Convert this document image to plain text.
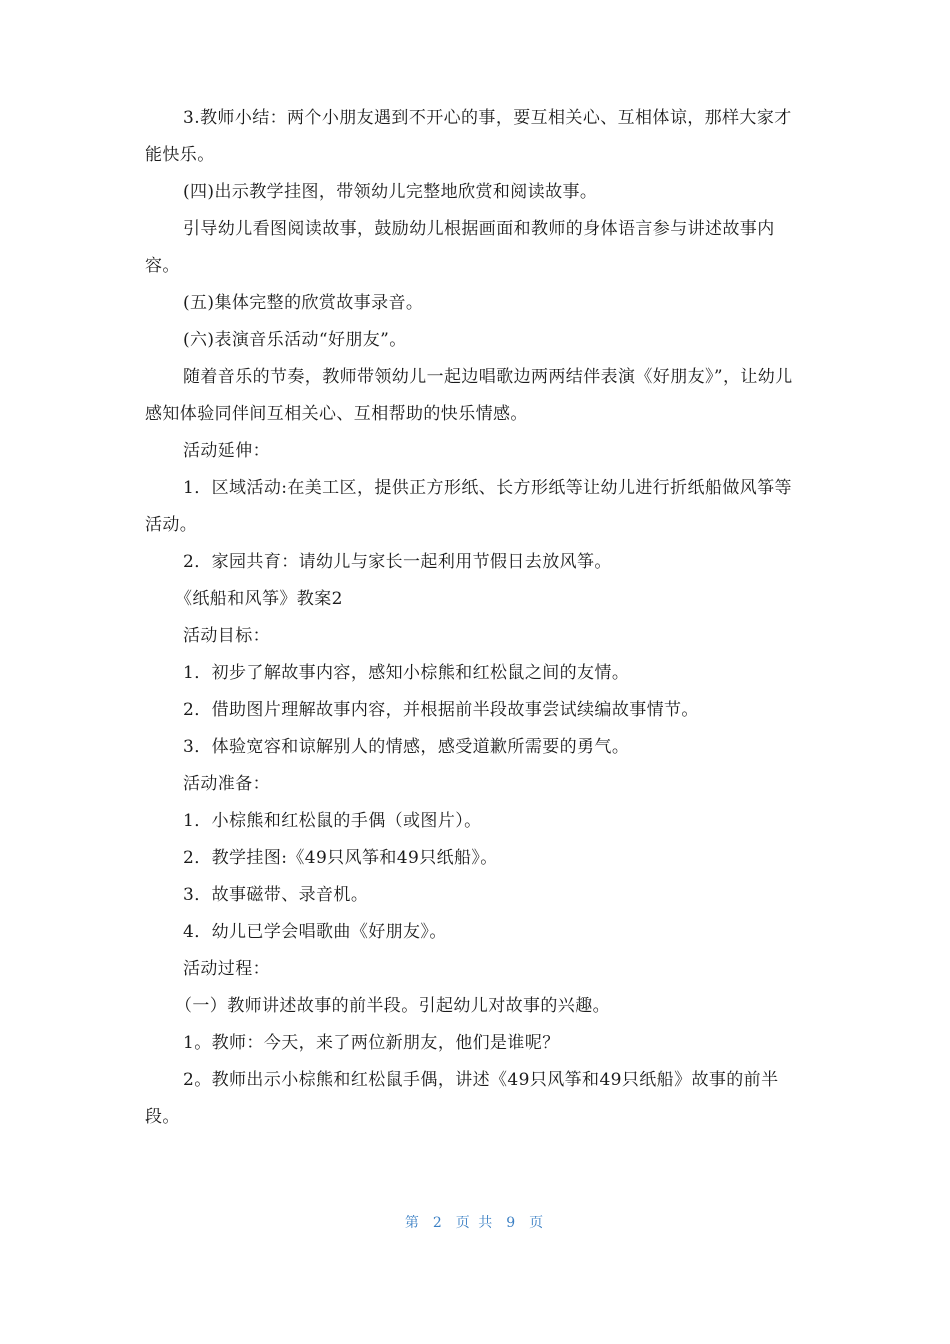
3.教师小结：两个小朋友遇到不开心的事，要互相关心、互相体谅，那样大家才能快乐。

(四)出示教学挂图，带领幼儿完整地欣赏和阅读故事。

引导幼儿看图阅读故事，鼓励幼儿根据画面和教师的身体语言参与讲述故事内容。

(五)集体完整的欣赏故事录音。

(六)表演音乐活动“好朋友”。

随着音乐的节奏，教师带领幼儿一起边唱歌边两两结伴表演《好朋友》”，让幼儿感知体验同伴间互相关心、互相帮助的快乐情感。

活动延伸：

1．区域活动:在美工区，提供正方形纸、长方形纸等让幼儿进行折纸船做风筝等活动。

2．家园共育：请幼儿与家长一起利用节假日去放风筝。

《纸船和风筝》教案2

活动目标：

1．初步了解故事内容，感知小棕熊和红松鼠之间的友情。

2．借助图片理解故事内容，并根据前半段故事尝试续编故事情节。

3．体验宽容和谅解别人的情感，感受道歉所需要的勇气。

活动准备：

1．小棕熊和红松鼠的手偶（或图片）。

2．教学挂图:《49只风筝和49只纸船》。

3．故事磁带、录音机。

4．幼儿已学会唱歌曲《好朋友》。

活动过程：

（一）教师讲述故事的前半段。引起幼儿对故事的兴趣。

1。教师：今天，来了两位新朋友，他们是谁呢？

2。教师出示小棕熊和红松鼠手偶，讲述《49只风筝和49只纸船》故事的前半段。

第 2 页 共 9 页
